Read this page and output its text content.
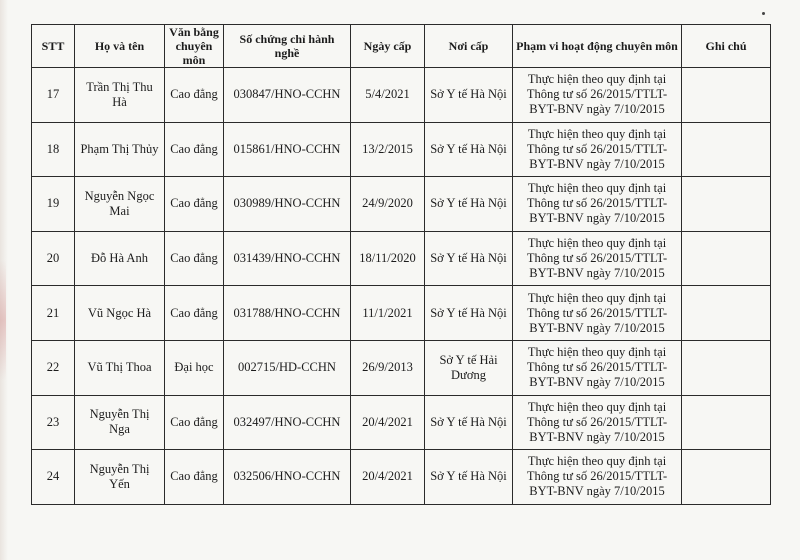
STT	Họ và tên	Văn bằng chuyên môn	Số chứng chỉ hành nghề	Ngày cấp	Nơi cấp	Phạm vi hoạt động chuyên môn	Ghi chú
17	Trần Thị Thu Hà	Cao đẳng	030847/HNO-CCHN	5/4/2021	Sở Y tế Hà Nội	Thực hiện theo quy định tại Thông tư số 26/2015/TTLT-BYT-BNV ngày 7/10/2015	
18	Phạm Thị Thủy	Cao đẳng	015861/HNO-CCHN	13/2/2015	Sở Y tế Hà Nội	Thực hiện theo quy định tại Thông tư số 26/2015/TTLT-BYT-BNV ngày 7/10/2015	
19	Nguyễn Ngọc Mai	Cao đẳng	030989/HNO-CCHN	24/9/2020	Sở Y tế Hà Nội	Thực hiện theo quy định tại Thông tư số 26/2015/TTLT-BYT-BNV ngày 7/10/2015	
20	Đỗ Hà Anh	Cao đẳng	031439/HNO-CCHN	18/11/2020	Sở Y tế Hà Nội	Thực hiện theo quy định tại Thông tư số 26/2015/TTLT-BYT-BNV ngày 7/10/2015	
21	Vũ Ngọc Hà	Cao đẳng	031788/HNO-CCHN	11/1/2021	Sở Y tế Hà Nội	Thực hiện theo quy định tại Thông tư số 26/2015/TTLT-BYT-BNV ngày 7/10/2015	
22	Vũ Thị Thoa	Đại học	002715/HD-CCHN	26/9/2013	Sở Y tế Hải Dương	Thực hiện theo quy định tại Thông tư số 26/2015/TTLT-BYT-BNV ngày 7/10/2015	
23	Nguyễn Thị Nga	Cao đẳng	032497/HNO-CCHN	20/4/2021	Sở Y tế Hà Nội	Thực hiện theo quy định tại Thông tư số 26/2015/TTLT-BYT-BNV ngày 7/10/2015	
24	Nguyễn Thị Yến	Cao đẳng	032506/HNO-CCHN	20/4/2021	Sở Y tế Hà Nội	Thực hiện theo quy định tại Thông tư số 26/2015/TTLT-BYT-BNV ngày 7/10/2015	
